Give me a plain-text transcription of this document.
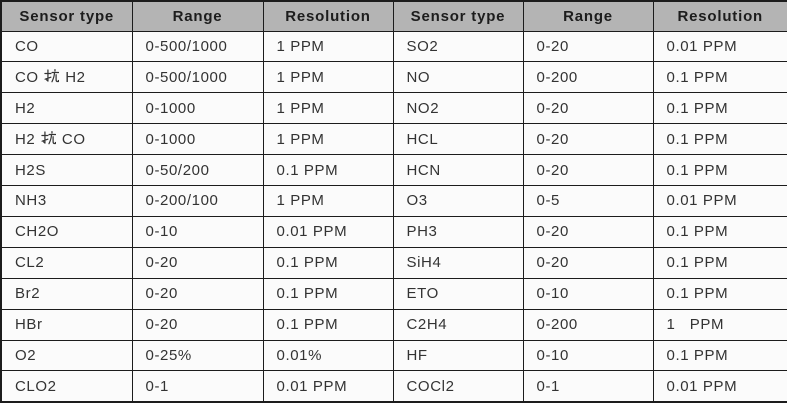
Sensor type	Range	Resolution	Sensor type	Range	Resolution
CO	0-500/1000	1 PPM	SO2	0-20	0.01 PPM
CO  H2	0-500/1000	1 PPM	NO	0-200	0.1 PPM
H2	0-1000	1 PPM	NO2	0-20	0.1 PPM
H2  CO	0-1000	1 PPM	HCL	0-20	0.1 PPM
H2S	0-50/200	0.1 PPM	HCN	0-20	0.1 PPM
NH3	0-200/100	1 PPM	O3	0-5	0.01 PPM
CH2O	0-10	0.01 PPM	PH3	0-20	0.1 PPM
CL2	0-20	0.1 PPM	SiH4	0-20	0.1 PPM
Br2	0-20	0.1 PPM	ETO	0-10	0.1 PPM
HBr	0-20	0.1 PPM	C2H4	0-200	1   PPM
O2	0-25%	0.01%	HF	0-10	0.1 PPM
CLO2	0-1	0.01 PPM	COCl2	0-1	0.01 PPM
